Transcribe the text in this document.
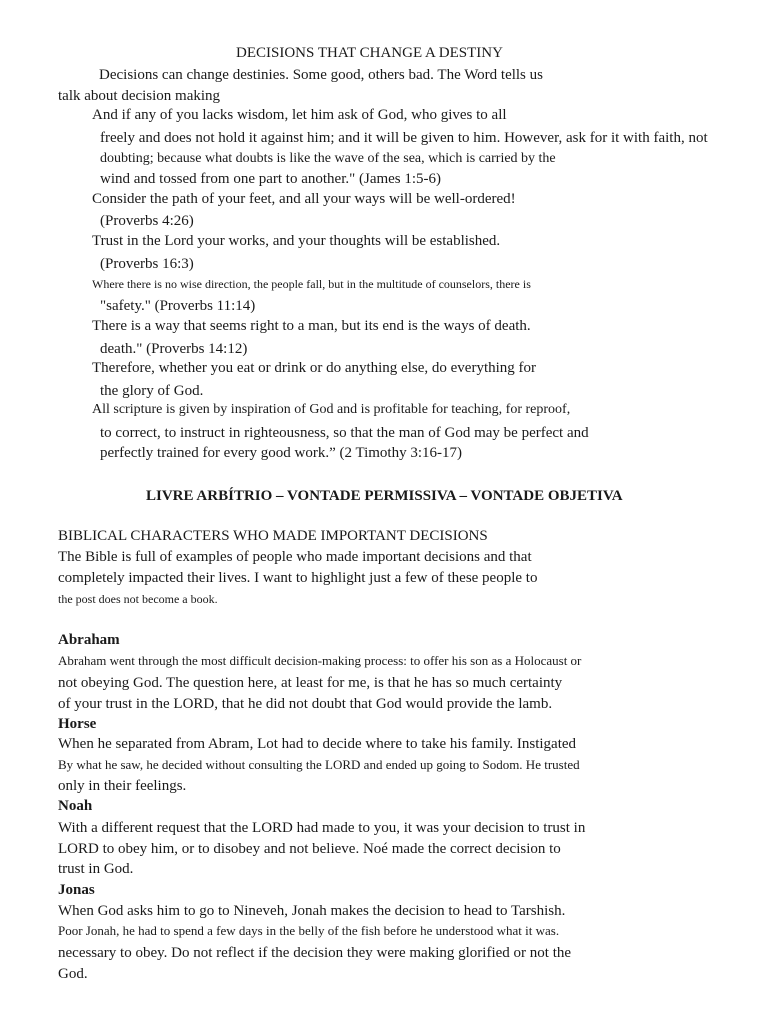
DECISIONS THAT CHANGE A DESTINY
Decisions can change destinies. Some good, others bad. The Word tells us
talk about decision making
And if any of you lacks wisdom, let him ask of God, who gives to all
freely and does not hold it against him; and it will be given to him. However, ask for it with faith, not
doubting; because what doubts is like the wave of the sea, which is carried by the
wind and tossed from one part to another." (James 1:5-6)
Consider the path of your feet, and all your ways will be well-ordered!
(Proverbs 4:26)
Trust in the Lord your works, and your thoughts will be established.
(Proverbs 16:3)
Where there is no wise direction, the people fall, but in the multitude of counselors, there is
"safety." (Proverbs 11:14)
There is a way that seems right to a man, but its end is the ways of death.
death." (Proverbs 14:12)
Therefore, whether you eat or drink or do anything else, do everything for
the glory of God.
All scripture is given by inspiration of God and is profitable for teaching, for reproof,
to correct, to instruct in righteousness, so that the man of God may be perfect and
perfectly trained for every good work.” (2 Timothy 3:16-17)
LIVRE ARBÍTRIO – VONTADE PERMISSIVA – VONTADE OBJETIVA
BIBLICAL CHARACTERS WHO MADE IMPORTANT DECISIONS
The Bible is full of examples of people who made important decisions and that
completely impacted their lives. I want to highlight just a few of these people to
the post does not become a book.
Abraham
Abraham went through the most difficult decision-making process: to offer his son as a Holocaust or
not obeying God. The question here, at least for me, is that he has so much certainty
of your trust in the LORD, that he did not doubt that God would provide the lamb.
Horse
When he separated from Abram, Lot had to decide where to take his family. Instigated
By what he saw, he decided without consulting the LORD and ended up going to Sodom. He trusted
only in their feelings.
Noah
With a different request that the LORD had made to you, it was your decision to trust in
LORD to obey him, or to disobey and not believe. Noé made the correct decision to
trust in God.
Jonas
When God asks him to go to Nineveh, Jonah makes the decision to head to Tarshish.
Poor Jonah, he had to spend a few days in the belly of the fish before he understood what it was.
necessary to obey. Do not reflect if the decision they were making glorified or not the
God.
